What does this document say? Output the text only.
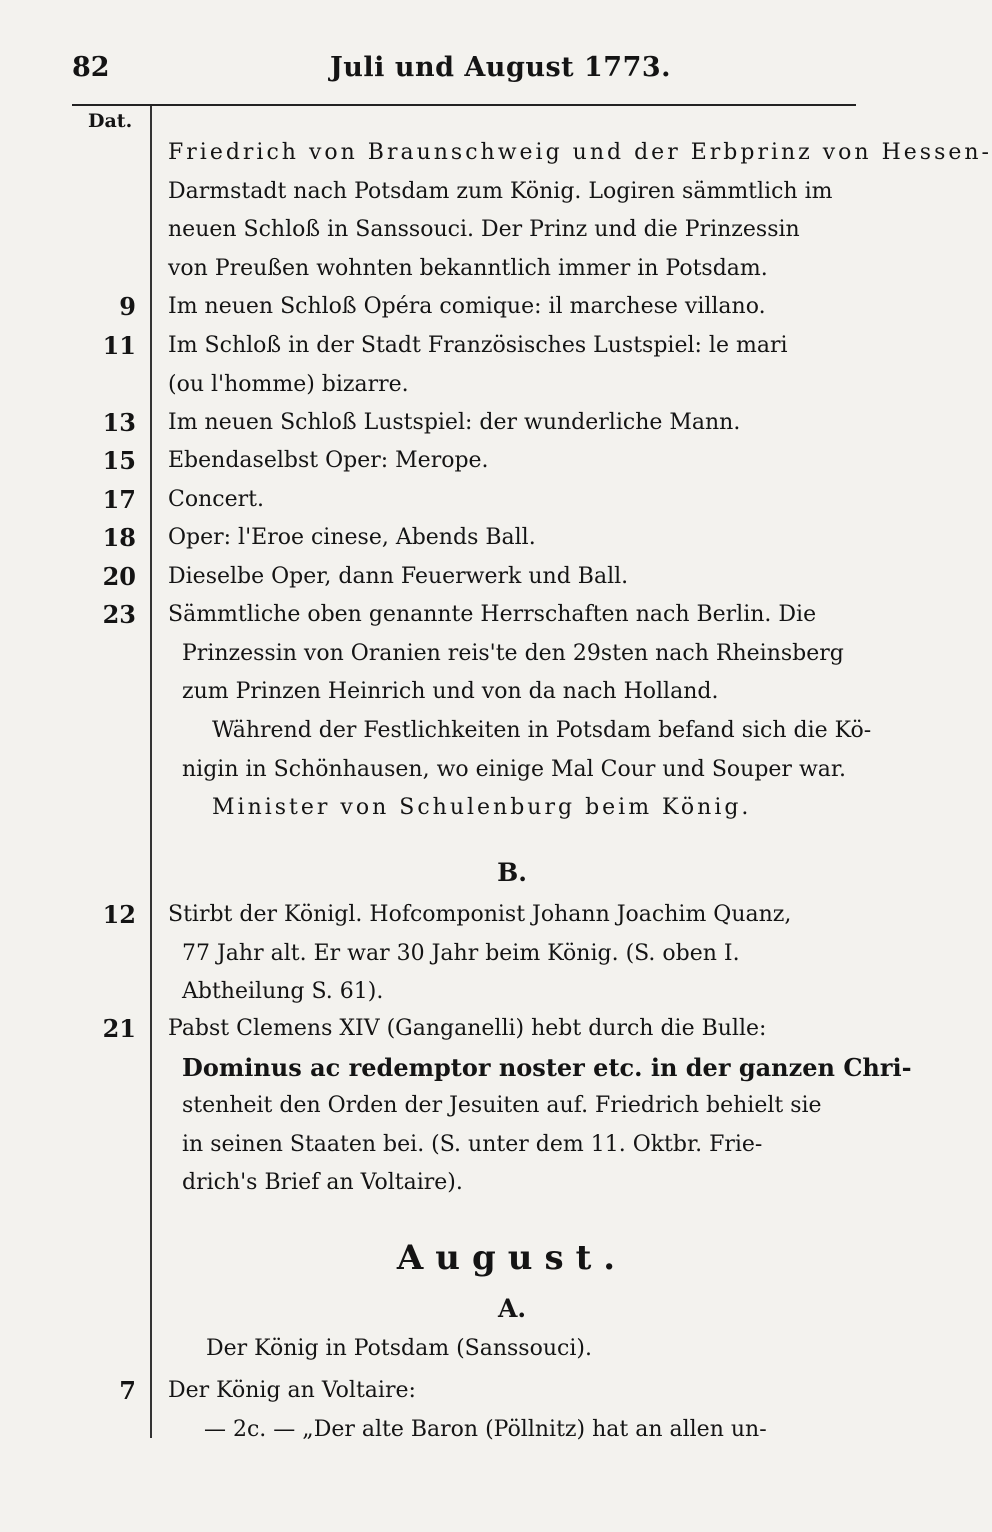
82	Juli und August 1773.
Dat.
Friedrich von Braunschweig und der Erbprinz von Hessen-
Darmstadt nach Potsdam zum König. Logiren sämmtlich im
neuen Schloß in Sanssouci. Der Prinz und die Prinzessin
von Preußen wohnten bekanntlich immer in Potsdam.
9 Im neuen Schloß Opéra comique: il marchese villano.
11 Im Schloß in der Stadt Französisches Lustspiel: le mari
(ou l'homme) bizarre.
13 Im neuen Schloß Lustspiel: der wunderliche Mann.
15 Ebendaselbst Oper: Merope.
17 Concert.
18 Oper: l'Eroe cinese, Abends Ball.
20 Dieselbe Oper, dann Feuerwerk und Ball.
23 Sämmtliche oben genannte Herrschaften nach Berlin. Die
Prinzessin von Oranien reis'te den 29sten nach Rheinsberg
zum Prinzen Heinrich und von da nach Holland.
Während der Festlichkeiten in Potsdam befand sich die Kö-
nigin in Schönhausen, wo einige Mal Cour und Souper war.
Minister von Schulenburg beim König.
B.
12 Stirbt der Königl. Hofcomponist Johann Joachim Quanz,
77 Jahr alt. Er war 30 Jahr beim König. (S. oben I.
Abtheilung S. 61).
21 Pabst Clemens XIV (Ganganelli) hebt durch die Bulle:
Dominus ac redemptor noster etc. in der ganzen Chri-
stenheit den Orden der Jesuiten auf. Friedrich behielt sie
in seinen Staaten bei. (S. unter dem 11. Oktbr. Frie-
drich's Brief an Voltaire).
August.
A.
Der König in Potsdam (Sanssouci).
7 Der König an Voltaire:
— 2c. — „Der alte Baron (Pöllnitz) hat an allen un-
